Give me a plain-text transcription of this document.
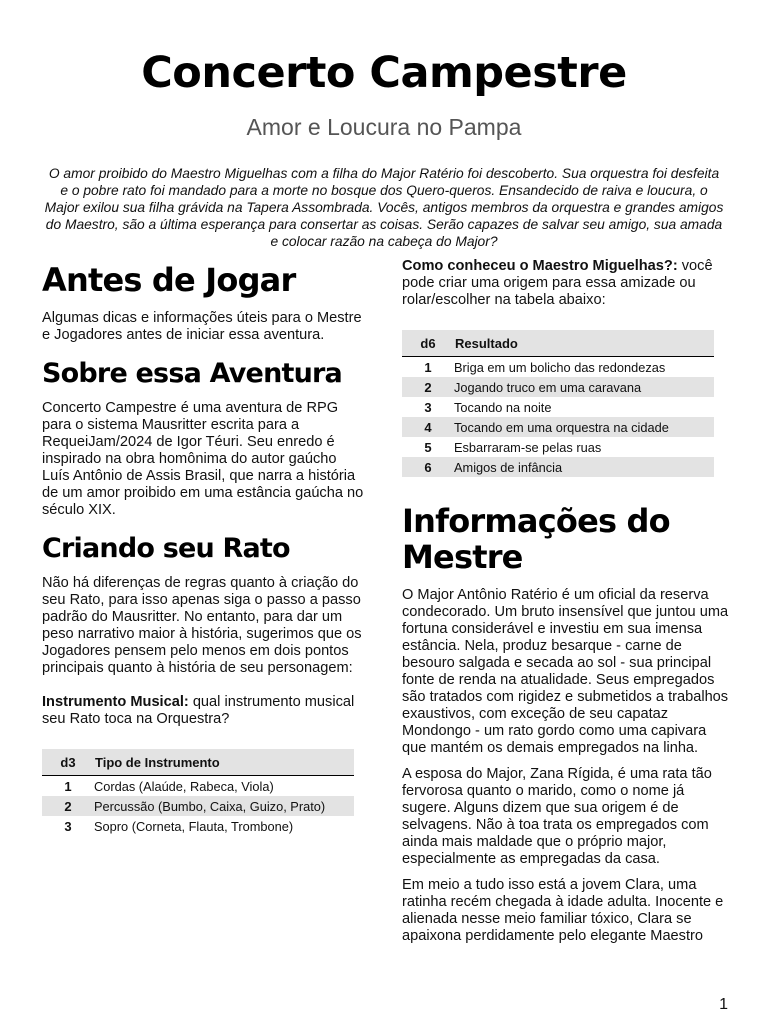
Concerto Campestre
Amor e Loucura no Pampa
O amor proibido do Maestro Miguelhas com a filha do Major Ratério foi descoberto. Sua orquestra foi desfeita e o pobre rato foi mandado para a morte no bosque dos Quero-queros. Ensandecido de raiva e loucura, o Major exilou sua filha grávida na Tapera Assombrada. Vocês, antigos membros da orquestra e grandes amigos do Maestro, são a última esperança para consertar as coisas. Serão capazes de salvar seu amigo, sua amada e colocar razão na cabeça do Major?
Antes de Jogar

Algumas dicas e informações úteis para o Mestre e Jogadores antes de iniciar essa aventura.

Sobre essa Aventura

Concerto Campestre é uma aventura de RPG para o sistema Mausritter escrita para a RequeiJam/2024 de Igor Téuri. Seu enredo é inspirado na obra homônima do autor gaúcho Luís Antônio de Assis Brasil, que narra a história de um amor proibido em uma estância gaúcha no século XIX.

Criando seu Rato

Não há diferenças de regras quanto à criação do seu Rato, para isso apenas siga o passo a passo padrão do Mausritter. No entanto, para dar um peso narrativo maior à história, sugerimos que os Jogadores pensem pelo menos em dois pontos principais quanto à história de seu personagem:

Instrumento Musical: qual instrumento musical seu Rato toca na Orquestra?

d3	Tipo de Instrumento
1	Cordas (Alaúde, Rabeca, Viola)
2	Percussão (Bumbo, Caixa, Guizo, Prato)
3	Sopro (Corneta, Flauta, Trombone)

Como conheceu o Maestro Miguelhas?: você pode criar uma origem para essa amizade ou rolar/escolher na tabela abaixo:

d6	Resultado
1	Briga em um bolicho das redondezas
2	Jogando truco em uma caravana
3	Tocando na noite
4	Tocando em uma orquestra na cidade
5	Esbarraram-se pelas ruas
6	Amigos de infância
Informações do
Mestre

O Major Antônio Ratério é um oficial da reserva condecorado. Um bruto insensível que juntou uma fortuna considerável e investiu em sua imensa estância. Nela, produz besarque - carne de besouro salgada e secada ao sol - sua principal fonte de renda na atualidade. Seus empregados são tratados com rigidez e submetidos a trabalhos exaustivos, com exceção de seu capataz Mondongo - um rato gordo como uma capivara que mantém os demais empregados na linha.

A esposa do Major, Zana Rígida, é uma rata tão fervorosa quanto o marido, como o nome já sugere. Alguns dizem que sua origem é de selvagens. Não à toa trata os empregados com ainda mais maldade que o próprio major, especialmente as empregadas da casa.

Em meio a tudo isso está a jovem Clara, uma ratinha recém chegada à idade adulta. Inocente e alienada nesse meio familiar tóxico, Clara se apaixona perdidamente pelo elegante Maestro

1
